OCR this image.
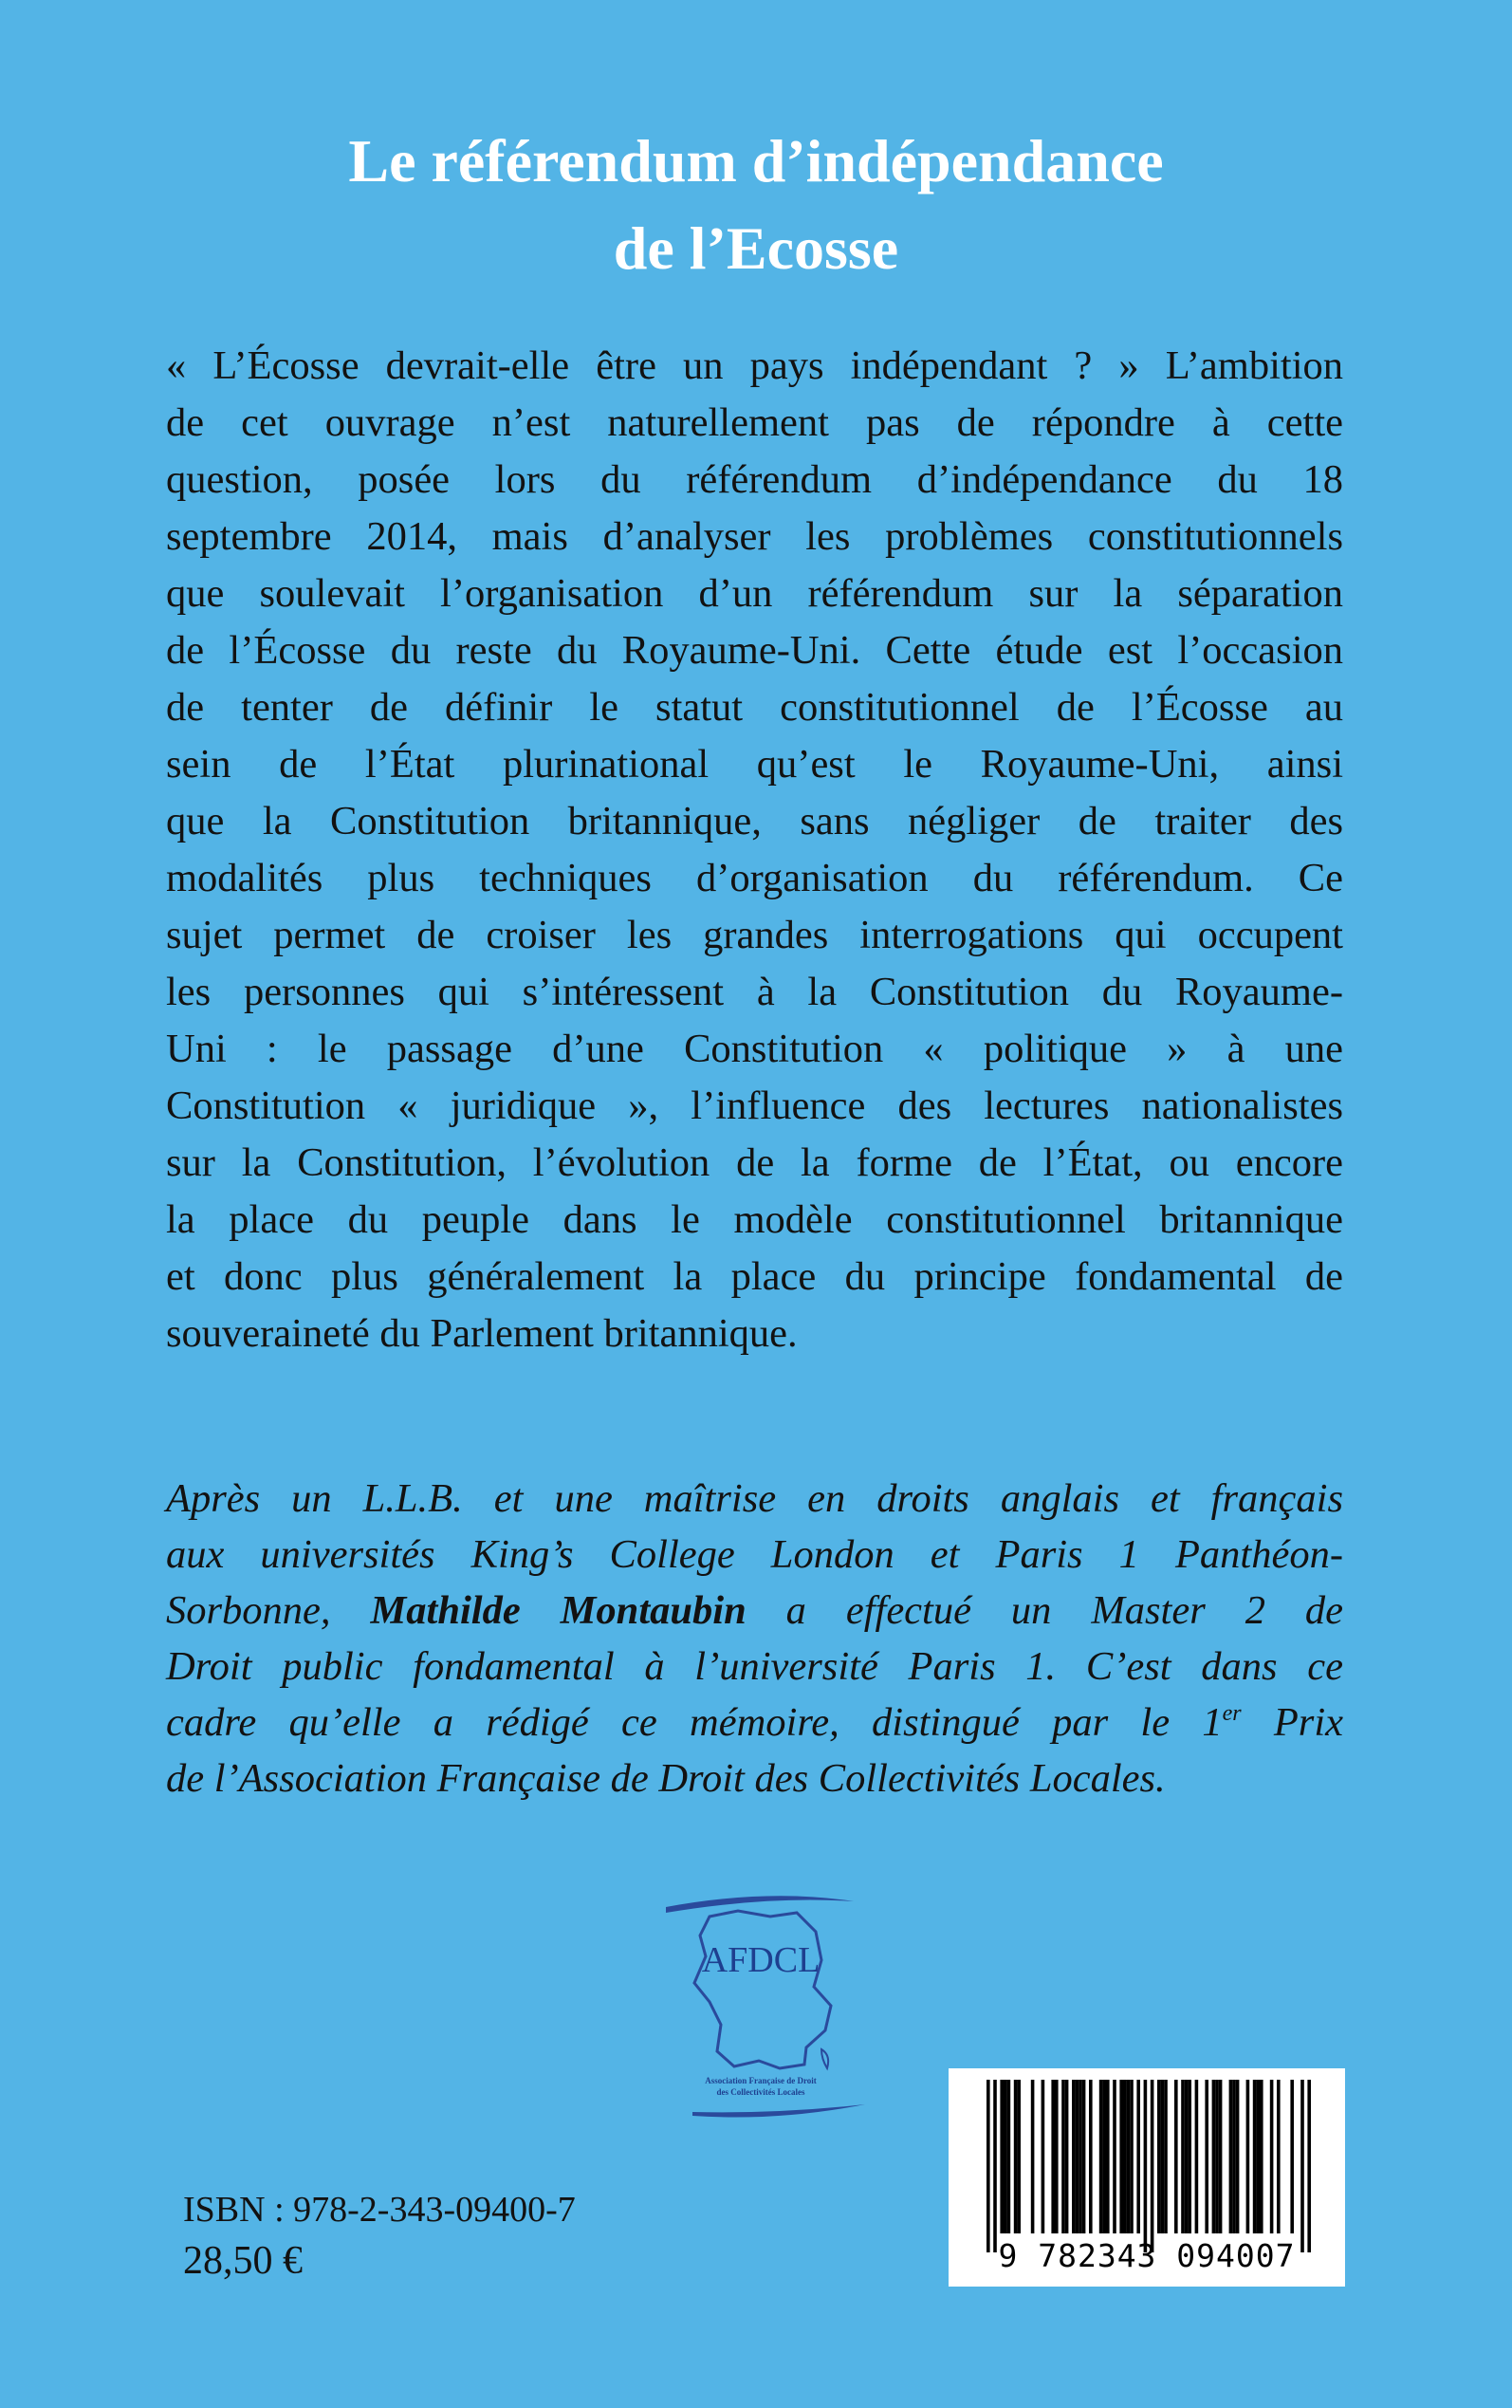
Le référendum d’indépendance
de l’Ecosse

« L’Écosse devrait-elle être un pays indépendant ? » L’ambition
de cet ouvrage n’est naturellement pas de répondre à cette
question, posée lors du référendum d’indépendance du 18
septembre 2014, mais d’analyser les problèmes constitutionnels
que soulevait l’organisation d’un référendum sur la séparation
de l’Écosse du reste du Royaume-Uni. Cette étude est l’occasion
de tenter de définir le statut constitutionnel de l’Écosse au
sein de l’État plurinational qu’est le Royaume-Uni, ainsi
que la Constitution britannique, sans négliger de traiter des
modalités plus techniques d’organisation du référendum. Ce
sujet permet de croiser les grandes interrogations qui occupent
les personnes qui s’intéressent à la Constitution du Royaume-
Uni : le passage d’une Constitution « politique » à une
Constitution « juridique », l’influence des lectures nationalistes
sur la Constitution, l’évolution de la forme de l’État, ou encore
la place du peuple dans le modèle constitutionnel britannique
et donc plus généralement la place du principe fondamental de
souveraineté du Parlement britannique.

Après un L.L.B. et une maîtrise en droits anglais et français
aux universités King’s College London et Paris 1 Panthéon-
Sorbonne, Mathilde Montaubin a effectué un Master 2 de
Droit public fondamental à l’université Paris 1. C’est dans ce
cadre qu’elle a rédigé ce mémoire, distingué par le 1er Prix
de l’Association Française de Droit des Collectivités Locales.

AFDCL
Association Française de Droit
des Collectivités Locales
ISBN : 978-2-343-09400-7
28,50 €	9 782343 094007
